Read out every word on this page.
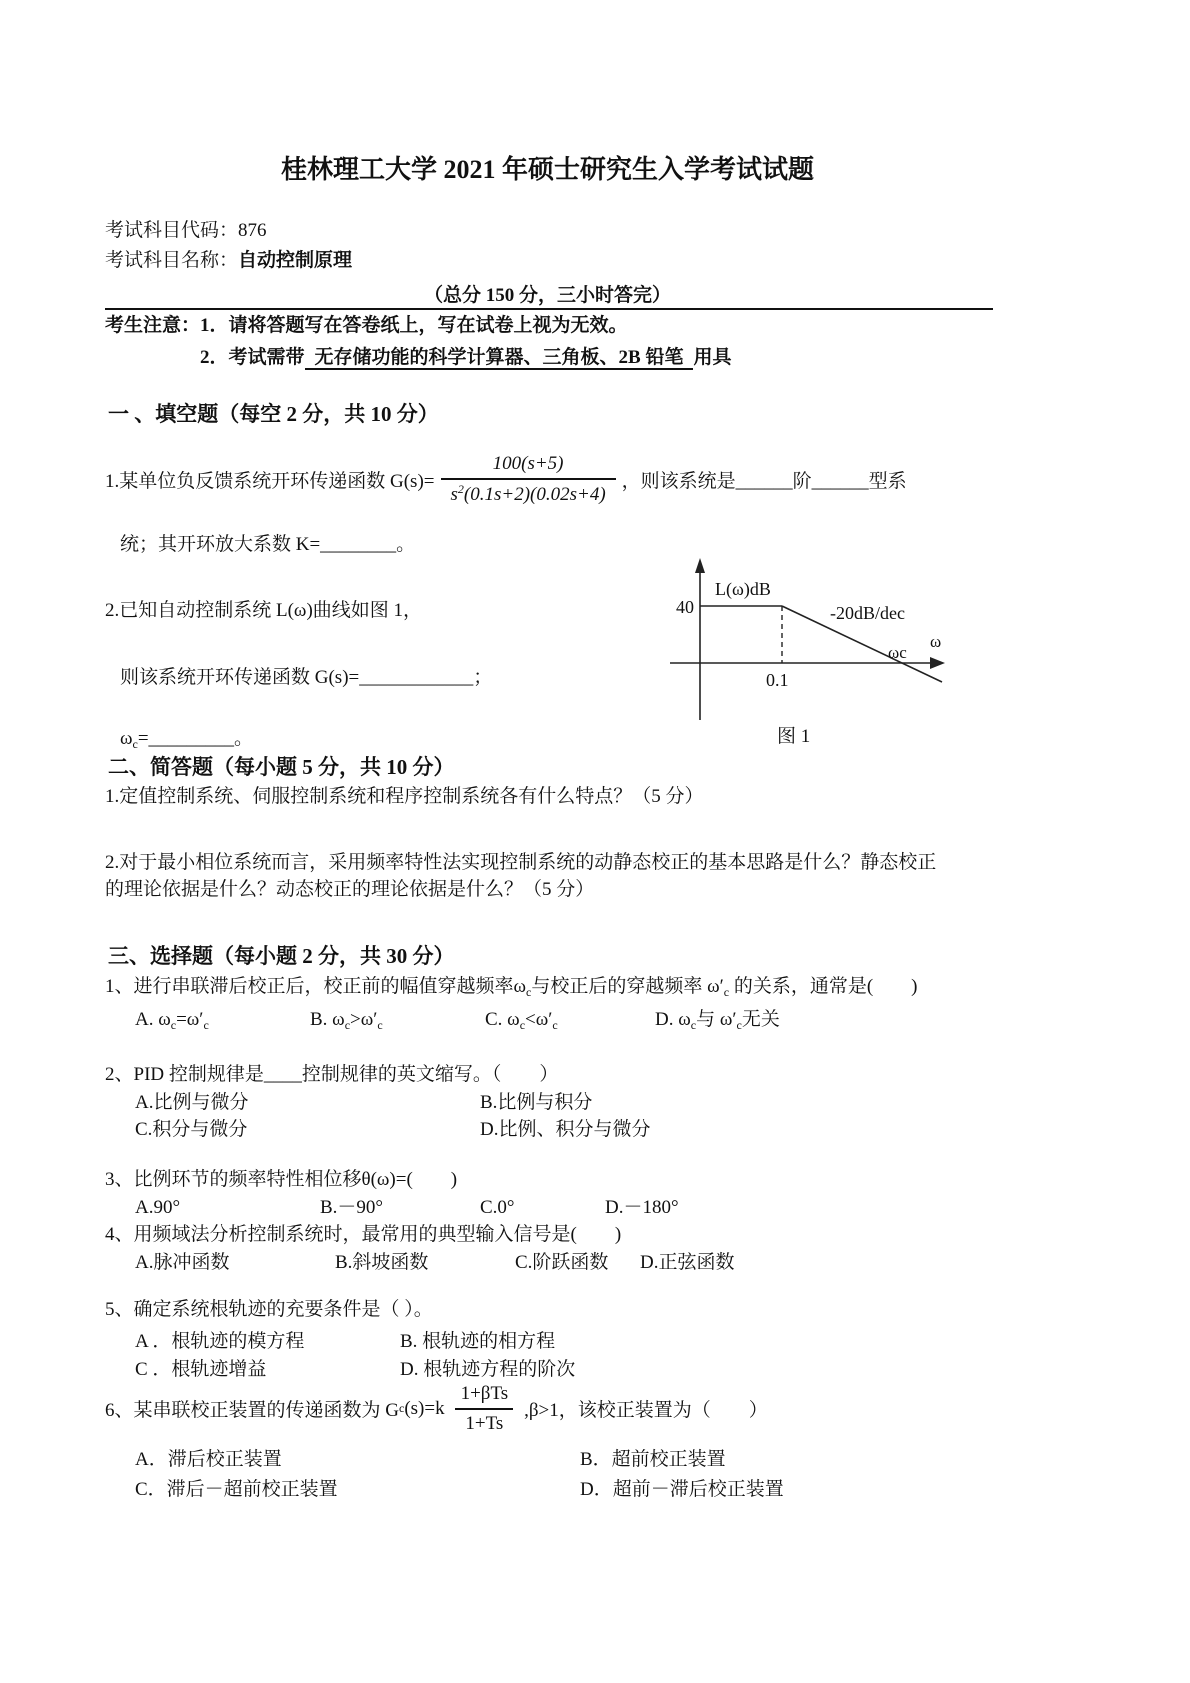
桂林理工大学 2021 年硕士研究生入学考试试题
考试科目代码：876
考试科目名称：自动控制原理
（总分 150 分，三小时答完）
考生注意：1．请将答题写在答卷纸上，写在试卷上视为无效。
2．考试需带 无存储功能的科学计算器、三角板、2B 铅笔 用具
一 、填空题（每空 2 分，共 10 分）
1.某单位负反馈系统开环传递函数 $G(s)= \frac{100(s+5)}{s^2(0.1s+2)(0.02s+4)}$ ，则该系统是______阶______型系
统；其开环放大系数 K=________。
2.已知自动控制系统 L(ω)曲线如图 1，
则该系统开环传递函数 G(s)=____________；
$\omega_c=\_\_\_\_\_\_\_\_\_$。
L(ω)dB
40	-20dB/dec
0.1
ωc
ω
图 1
二、简答题（每小题 5 分，共 10 分）
1.定值控制系统、伺服控制系统和程序控制系统各有什么特点？（5 分）
2.对于最小相位系统而言，采用频率特性法实现控制系统的动静态校正的基本思路是什么？静态校正
的理论依据是什么？动态校正的理论依据是什么？（5 分）
三、选择题（每小题 2 分，共 30 分）
1、进行串联滞后校正后，校正前的幅值穿越频率$\omega_c$与校正后的穿越频率 $\omega'_c$ 的关系，通常是(　　)
A. $\omega_c=\omega'_c$	B. $\omega_c>\omega'_c$	C. $\omega_c<\omega'_c$	D. $\omega_c$与 $\omega'_c$无关
2、PID 控制规律是____控制规律的英文缩写。（　　）
A.比例与微分	B.比例与积分
C.积分与微分	D.比例、积分与微分
3、比例环节的频率特性相位移θ(ω)=(　　)
A.90°	B.－90°	C.0°	D.－180°
4、用频域法分析控制系统时，最常用的典型输入信号是(　　)
A.脉冲函数	B.斜坡函数	C.阶跃函数 D.正弦函数
5、确定系统根轨迹的充要条件是（ ）。
A ．根轨迹的模方程	B. 根轨迹的相方程
C ．根轨迹增益	D. 根轨迹方程的阶次
6、某串联校正装置的传递函数为 G c $(s)=k \frac{\text{1+βTs}}{1+Ts} ,\beta>1$，该校正装置为（　　）
A．滞后校正装置	B．超前校正装置
C．滞后－超前校正装置	D．超前－滞后校正装置
